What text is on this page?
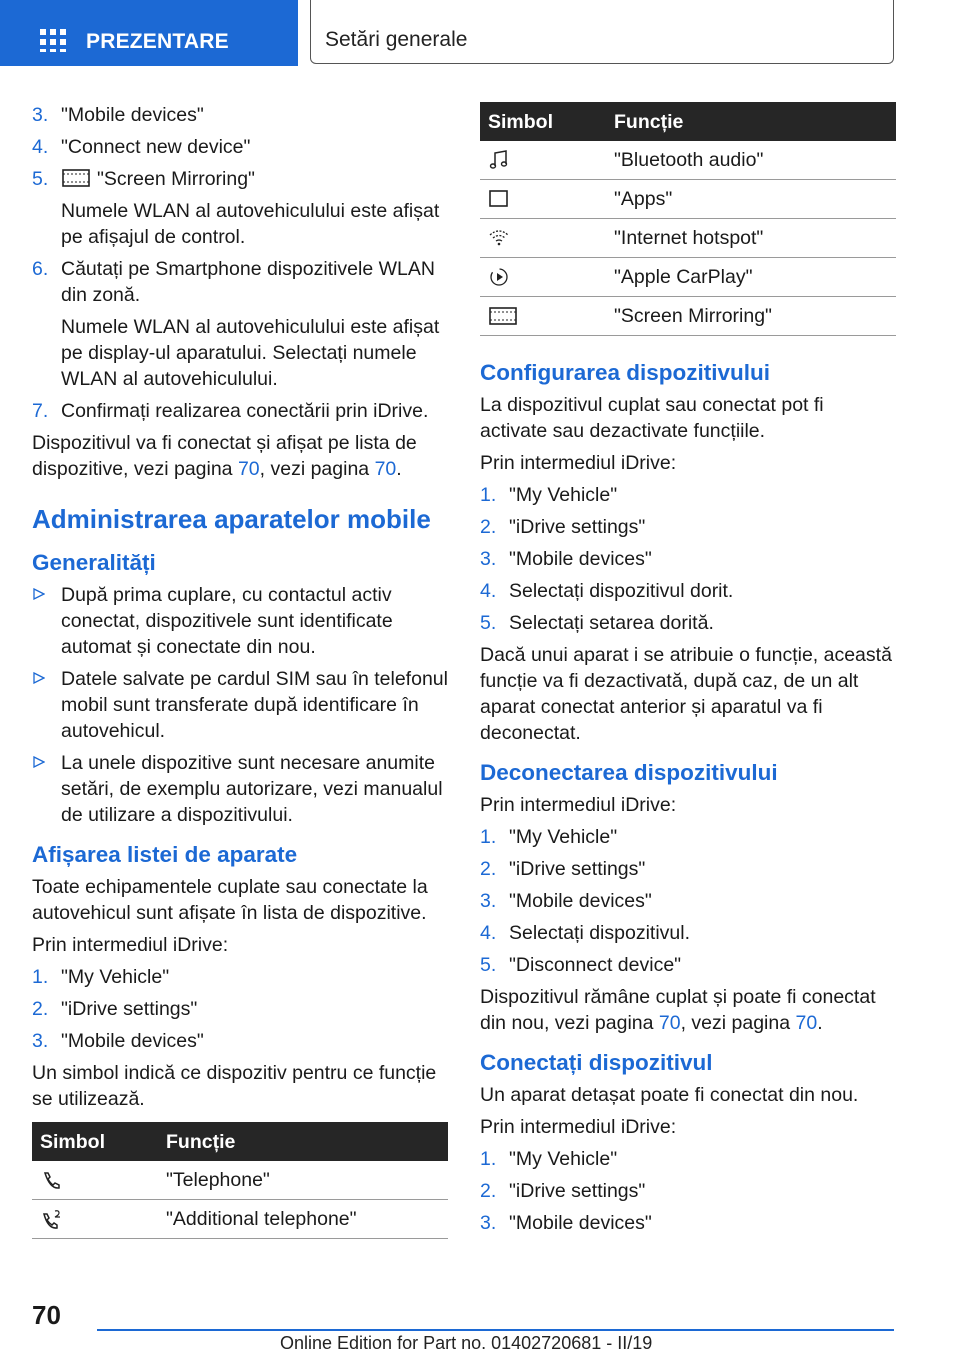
PREZENTARE	Setări generale
3. "Mobile devices"
4. "Connect new device"
5. "Screen Mirroring"
Numele WLAN al autovehiculului este afișat pe afișajul de control.
6. Căutați pe Smartphone dispozitivele WLAN din zonă.
Numele WLAN al autovehiculului este afișat pe display-ul aparatului. Selectați numele WLAN al autovehiculului.
7. Confirmați realizarea conectării prin iDrive.
Dispozitivul va fi conectat și afișat pe lista de dispozitive, vezi pagina 70, vezi pagina 70.
Administrarea aparatelor mobile
Generalități
După prima cuplare, cu contactul activ conectat, dispozitivele sunt identificate automat și conectate din nou.
Datele salvate pe cardul SIM sau în telefonul mobil sunt transferate după identificare în autovehicul.
La unele dispozitive sunt necesare anumite setări, de exemplu autorizare, vezi manualul de utilizare a dispozitivului.
Afișarea listei de aparate
Toate echipamentele cuplate sau conectate la autovehicul sunt afișate în lista de dispozitive.
Prin intermediul iDrive:
1. "My Vehicle"
2. "iDrive settings"
3. "Mobile devices"
Un simbol indică ce dispozitiv pentru ce funcție se utilizează.
Simbol	Funcție

	"Telephone"

	"Additional telephone"
Simbol	Funcție

	"Bluetooth audio"

	"Apps"

	"Internet hotspot"

	"Apple CarPlay"

	"Screen Mirroring"
Configurarea dispozitivului
La dispozitivul cuplat sau conectat pot fi activate sau dezactivate funcțiile.
Prin intermediul iDrive:
1. "My Vehicle"
2. "iDrive settings"
3. "Mobile devices"
4. Selectați dispozitivul dorit.
5. Selectați setarea dorită.
Dacă unui aparat i se atribuie o funcție, această funcție va fi dezactivată, după caz, de un alt aparat conectat anterior și aparatul va fi deconectat.
Deconectarea dispozitivului
Prin intermediul iDrive:
1. "My Vehicle"
2. "iDrive settings"
3. "Mobile devices"
4. Selectați dispozitivul.
5. "Disconnect device"
Dispozitivul rămâne cuplat și poate fi conectat din nou, vezi pagina 70, vezi pagina 70.
Conectați dispozitivul
Un aparat detașat poate fi conectat din nou.
Prin intermediul iDrive:
1. "My Vehicle"
2. "iDrive settings"
3. "Mobile devices"
70
Online Edition for Part no. 01402720681 - II/19
